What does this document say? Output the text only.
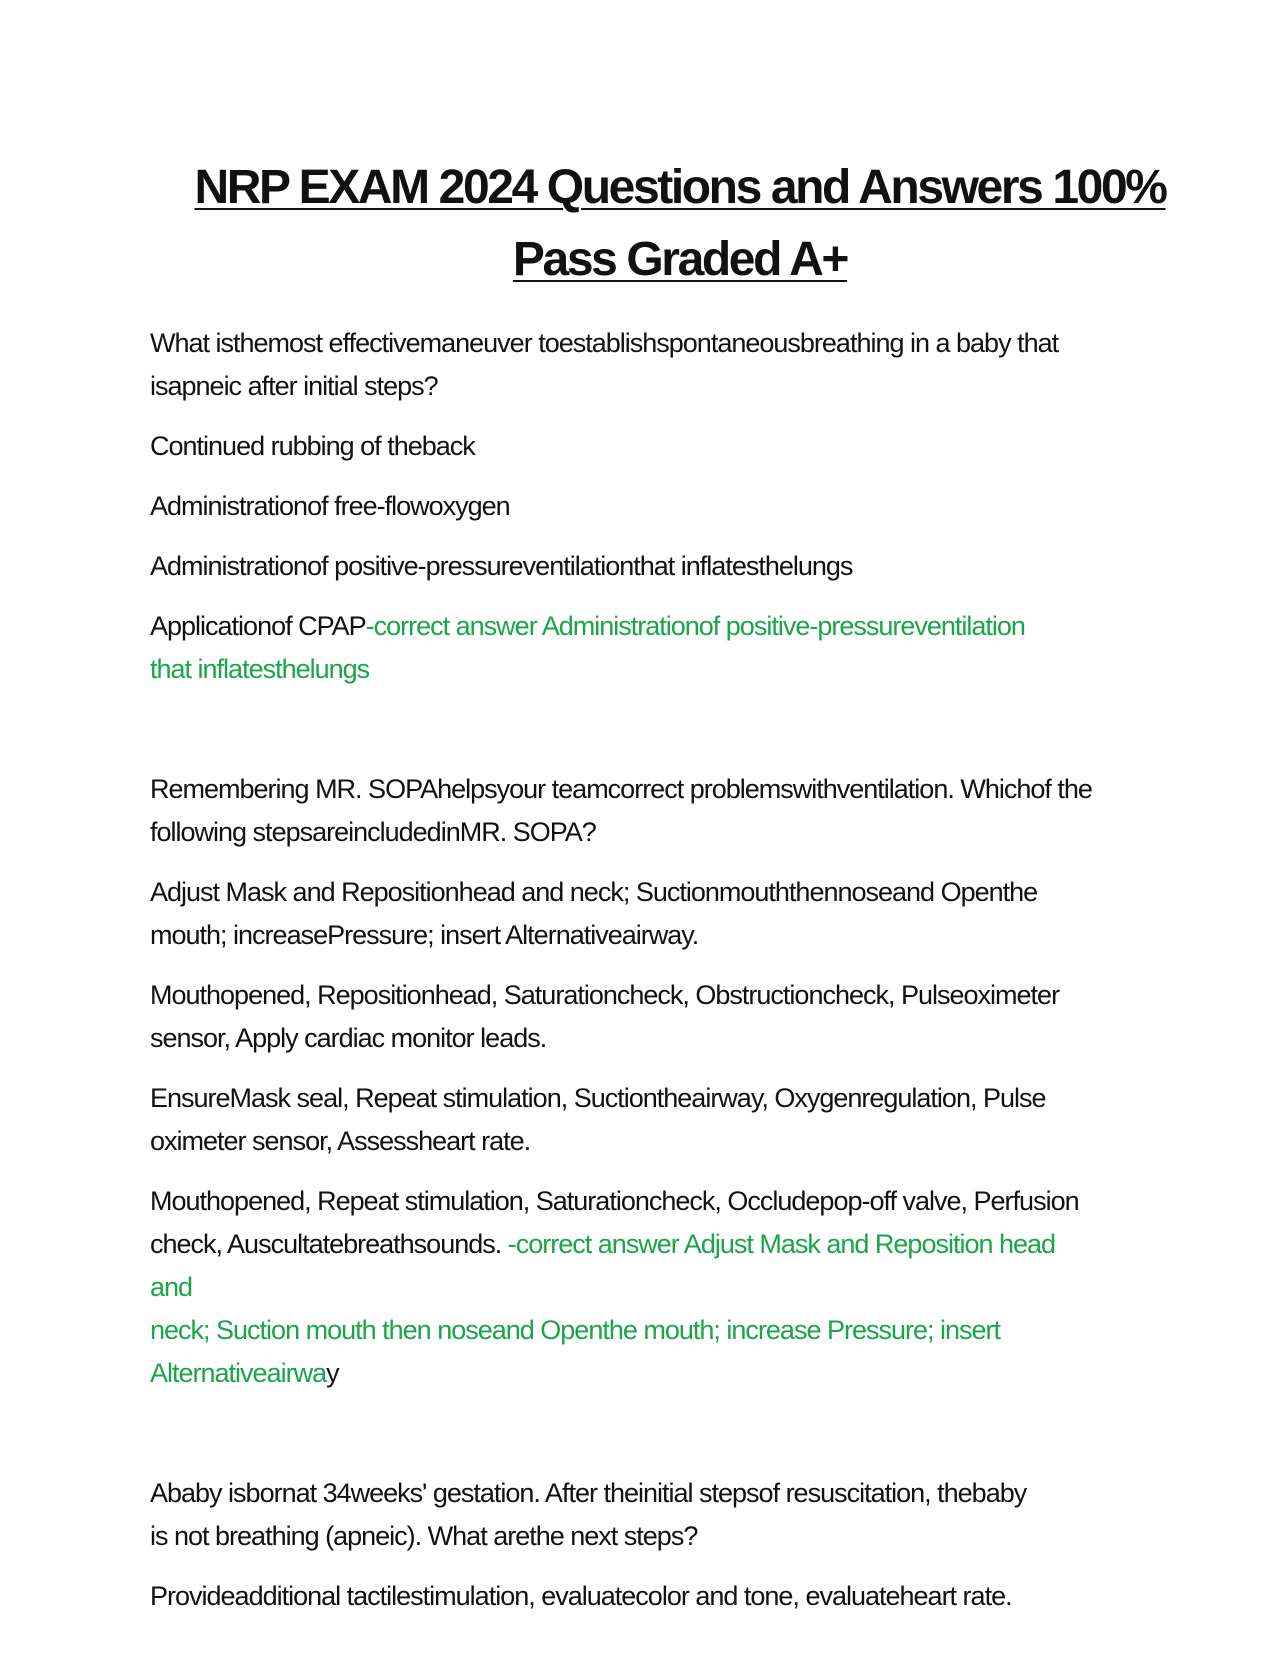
NRP EXAM 2024 Questions and Answers 100%
Pass Graded A+
What isthemost effectivemaneuver toestablishspontaneousbreathing in a baby that
isapneic after initial steps?
Continued rubbing of theback
Administrationof free-flowoxygen
Administrationof positive-pressureventilationthat inflatesthelungs
Applicationof CPAP-correct answer Administrationof positive-pressureventilation
that inflatesthelungs
Remembering MR. SOPAhelpsyour teamcorrect problemswithventilation. Whichof the
following stepsareincludedinMR. SOPA?
Adjust Mask and Repositionhead and neck; Suctionmouththennoseand Openthe
mouth; increasePressure; insert Alternativeairway.
Mouthopened, Repositionhead, Saturationcheck, Obstructioncheck, Pulseoximeter
sensor, Apply cardiac monitor leads.
EnsureMask seal, Repeat stimulation, Suctiontheairway, Oxygenregulation, Pulse
oximeter sensor, Assessheart rate.
Mouthopened, Repeat stimulation, Saturationcheck, Occludepop-off valve, Perfusion
check, Auscultatebreathsounds. -correct answer Adjust Mask and Reposition head
and
neck; Suction mouth then noseand Openthe mouth; increase Pressure; insert
Alternativeairway
Ababy isbornat 34weeks' gestation. After theinitial stepsof resuscitation, thebaby
is not breathing (apneic). What arethe next steps?
Provideadditional tactilestimulation, evaluatecolor and tone, evaluateheart rate.
